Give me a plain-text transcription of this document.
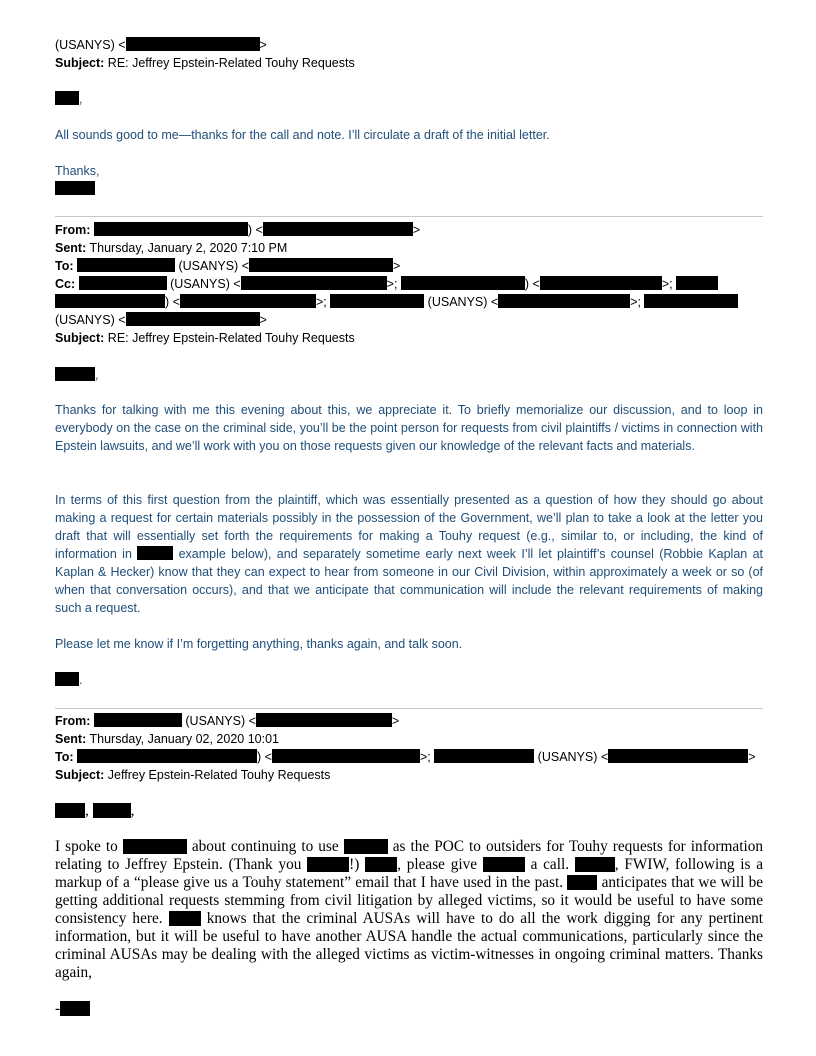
(USANYS) <	>
Subject: RE: Jeffrey Epstein-Related Touhy Requests
,
All sounds good to me—thanks for the call and note. I’ll circulate a draft of the initial letter.
Thanks,
From:	) <	>
Sent: Thursday, January 2, 2020 7:10 PM
To:	(USANYS) <	>
Cc:	(USANYS) <	>;	) <	>;
) <	>;	(USANYS) <	>;
(USANYS) <	>
Subject: RE: Jeffrey Epstein-Related Touhy Requests
,
Thanks for talking with me this evening about this, we appreciate it. To briefly memorialize our discussion, and to loop in everybody on the case on the criminal side, you’ll be the point person for requests from civil plaintiffs / victims in connection with Epstein lawsuits, and we’ll work with you on those requests given our knowledge of the relevant facts and materials.
In terms of this first question from the plaintiff, which was essentially presented as a question of how they should go about making a request for certain materials possibly in the possession of the Government, we’ll plan to take a look at the letter you draft that will essentially set forth the requirements for making a Touhy request (e.g., similar to, or including, the kind of information in	example below), and separately sometime early next week I’ll let plaintiff’s counsel (Robbie Kaplan at Kaplan & Hecker) know that they can expect to hear from someone in our Civil Division, within approximately a week or so (of when that conversation occurs), and that we anticipate that communication will include the relevant requirements of making such a request.
Please let me know if I’m forgetting anything, thanks again, and talk soon.
.
From:	(USANYS) <	>
Sent: Thursday, January 02, 2020 10:01
To:	) <	>;	(USANYS) <	>
Subject: Jeffrey Epstein-Related Touhy Requests
, ,
I spoke to	about continuing to use	as the POC to outsiders for Touhy requests for information relating to Jeffrey Epstein. (Thank you	!) , please give	a call.	, FWIW, following is a markup of a “please give us a Touhy statement” email that I have used in the past.	anticipates that we will be getting additional requests stemming from civil litigation by alleged victims, so it would be useful to have some consistency here.	knows that the criminal AUSAs will have to do all the work digging for any pertinent information, but it will be useful to have another AUSA handle the actual communications, particularly since the criminal AUSAs may be dealing with the alleged victims as victim-witnesses in ongoing criminal matters. Thanks again,
-
